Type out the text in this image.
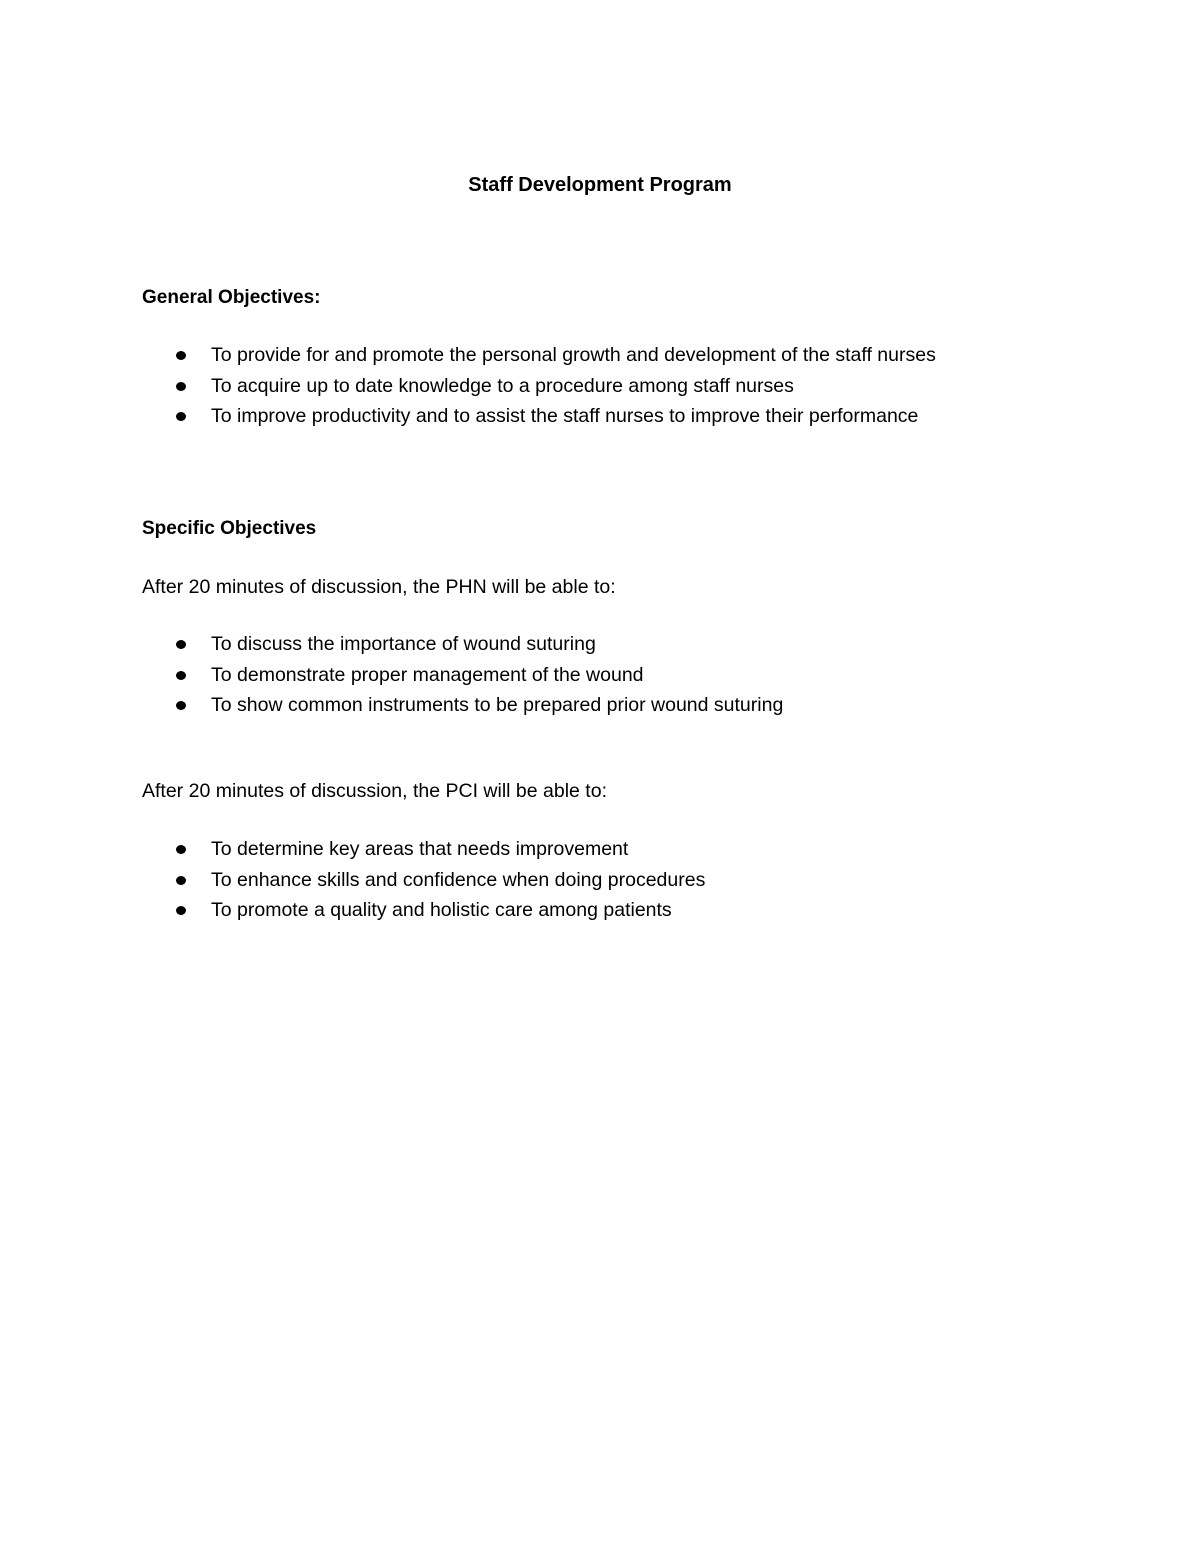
Staff Development Program
General Objectives:
To provide for and promote the personal growth and development of the staff nurses
To acquire up to date knowledge to a procedure among staff nurses
To improve productivity and to assist the staff nurses to improve their performance
Specific Objectives
After 20 minutes of discussion, the PHN will be able to:
To discuss the importance of wound suturing
To demonstrate proper management of the wound
To show common instruments to be prepared prior wound suturing
After 20 minutes of discussion, the PCI will be able to:
To determine key areas that needs improvement
To enhance skills and confidence when doing procedures
To promote a quality and holistic care among patients
